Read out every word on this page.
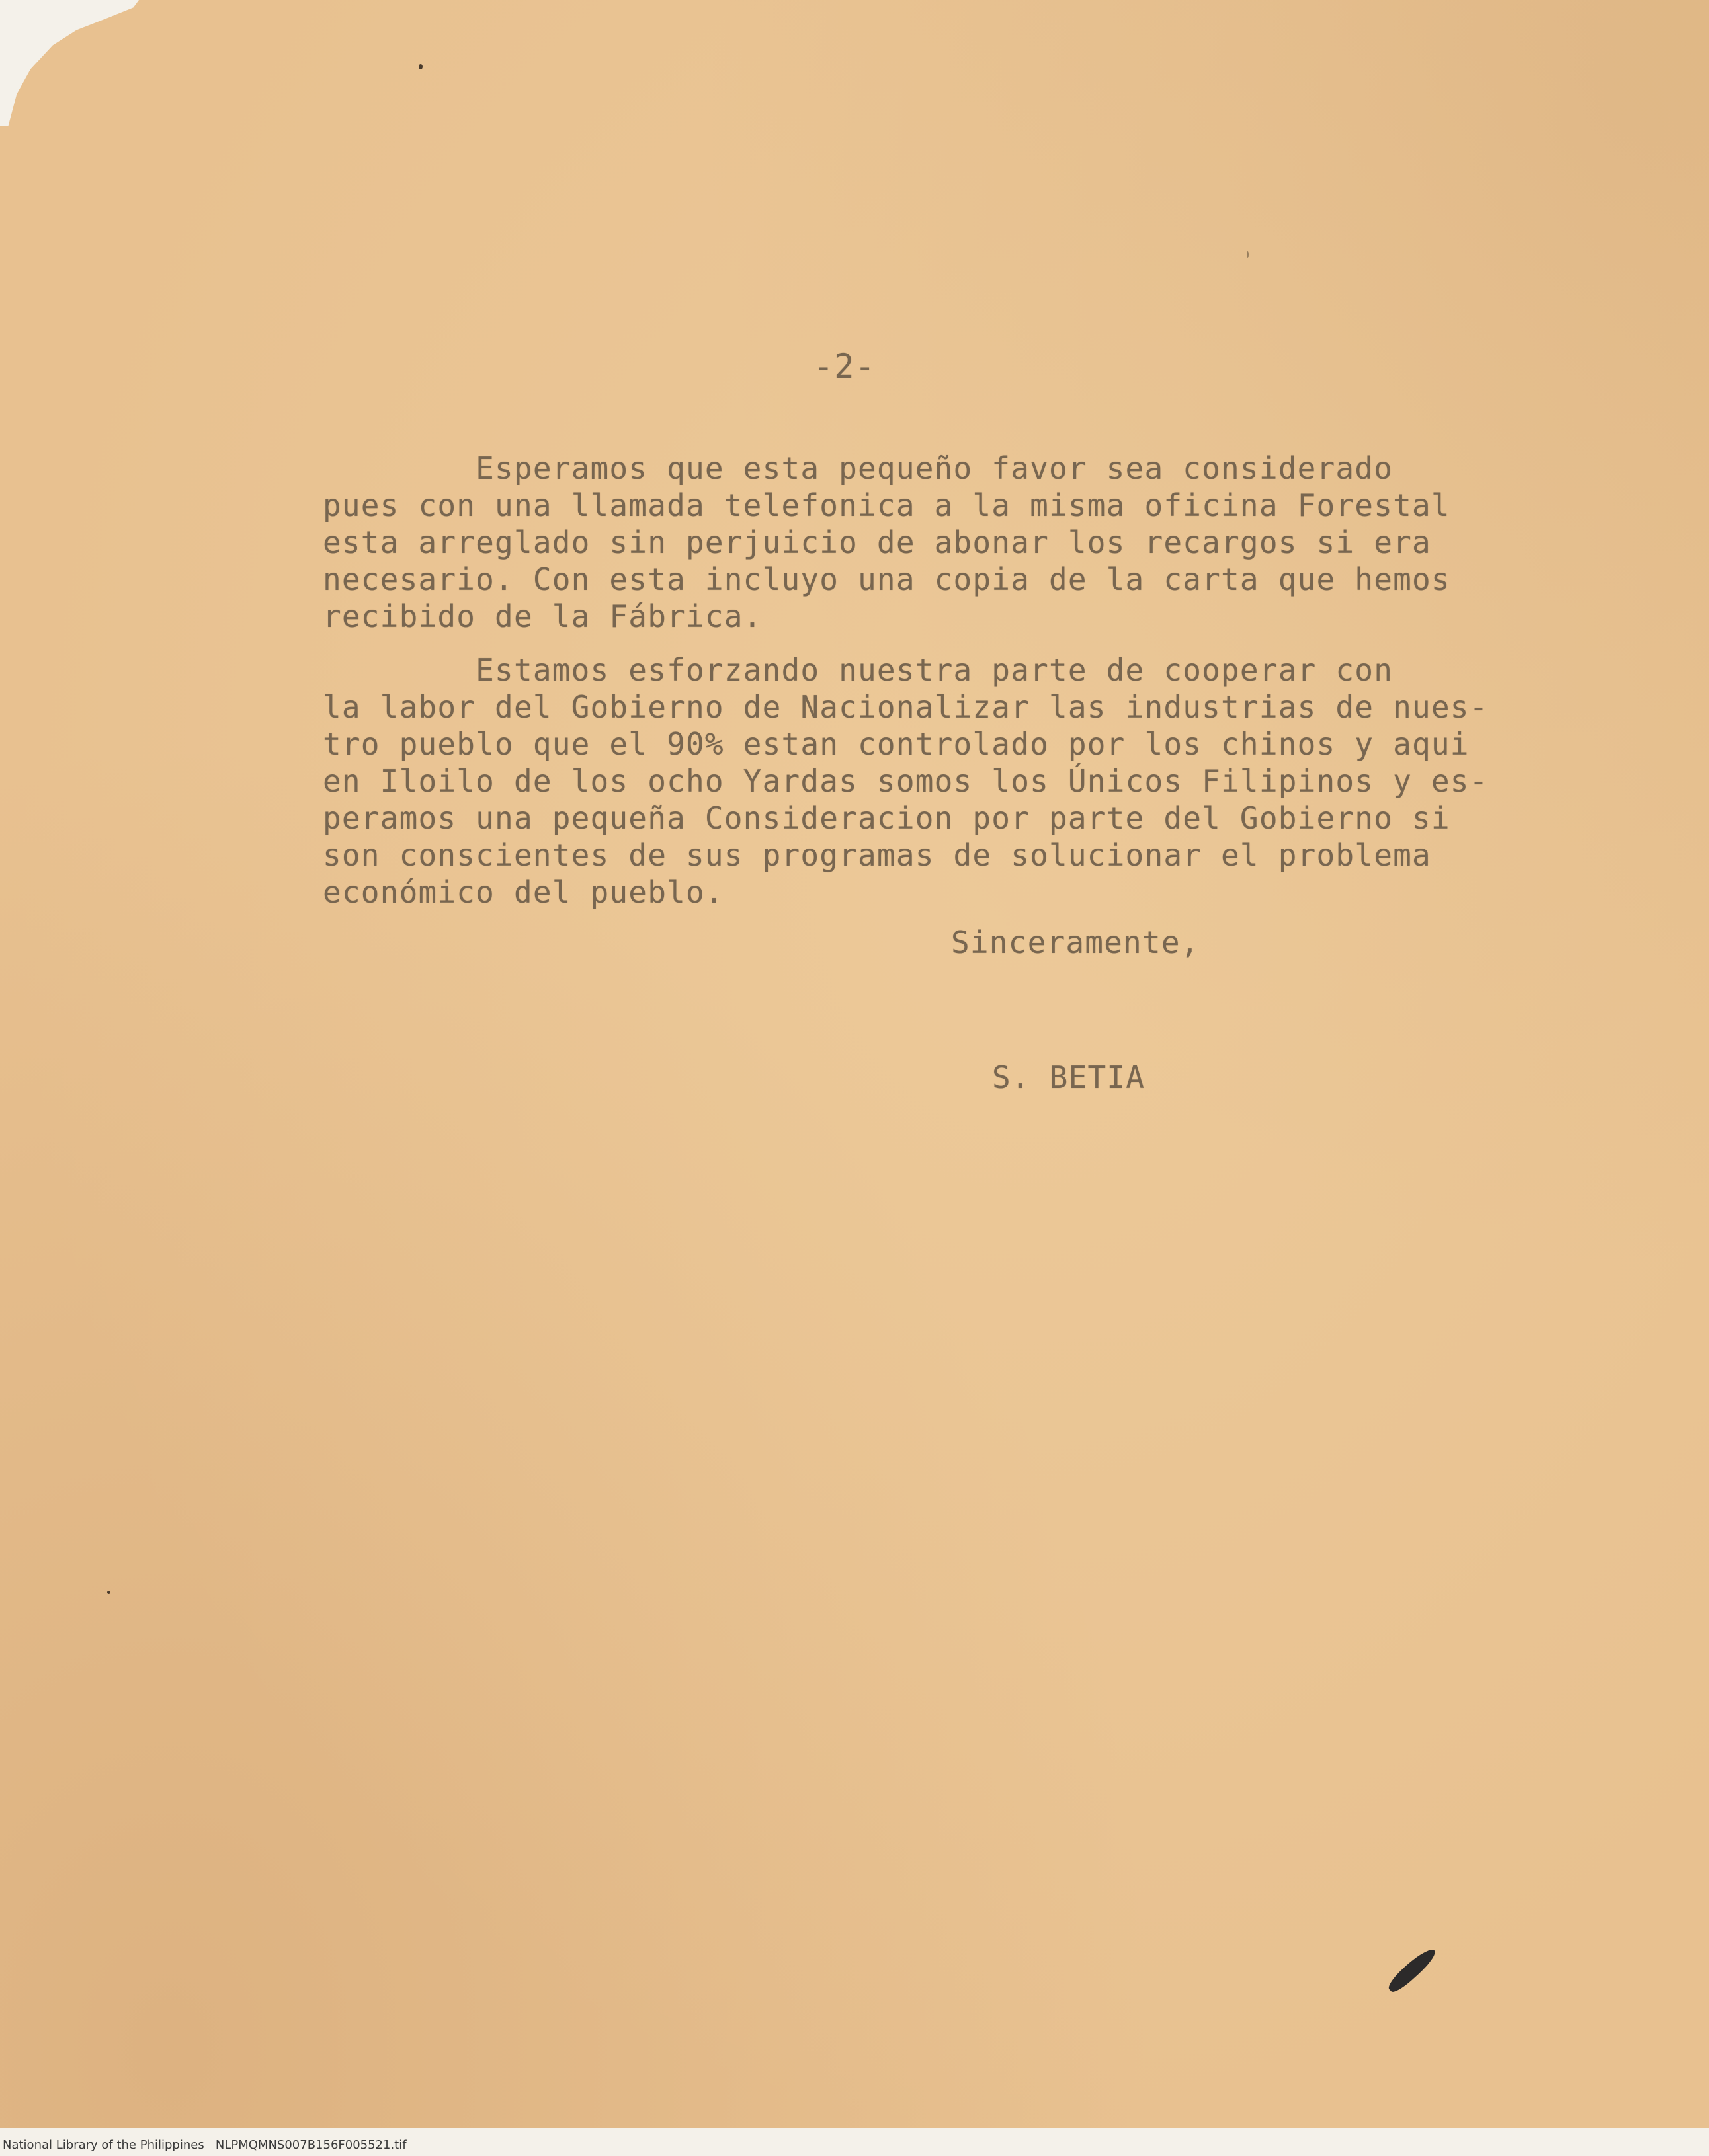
-2-

Esperamos que esta pequeño favor sea considerado
pues con una llamada telefonica a la misma oficina Forestal
esta arreglado sin perjuicio de abonar los recargos si era
necesario. Con esta incluyo una copia de la carta que hemos
recibido de la Fábrica.

Estamos esforzando nuestra parte de cooperar con
la labor del Gobierno de Nacionalizar las industrias de nues-
tro pueblo que el 90% estan controlado por los chinos y aqui
en Iloilo de los ocho Yardas somos los Únicos Filipinos y es-
peramos una pequeña Consideracion por parte del Gobierno si
son conscientes de sus programas de solucionar el problema
económico del pueblo.

Sinceramente,

S. BETIA

National Library of the Philippines   NLPMQMNS007B156F005521.tif
